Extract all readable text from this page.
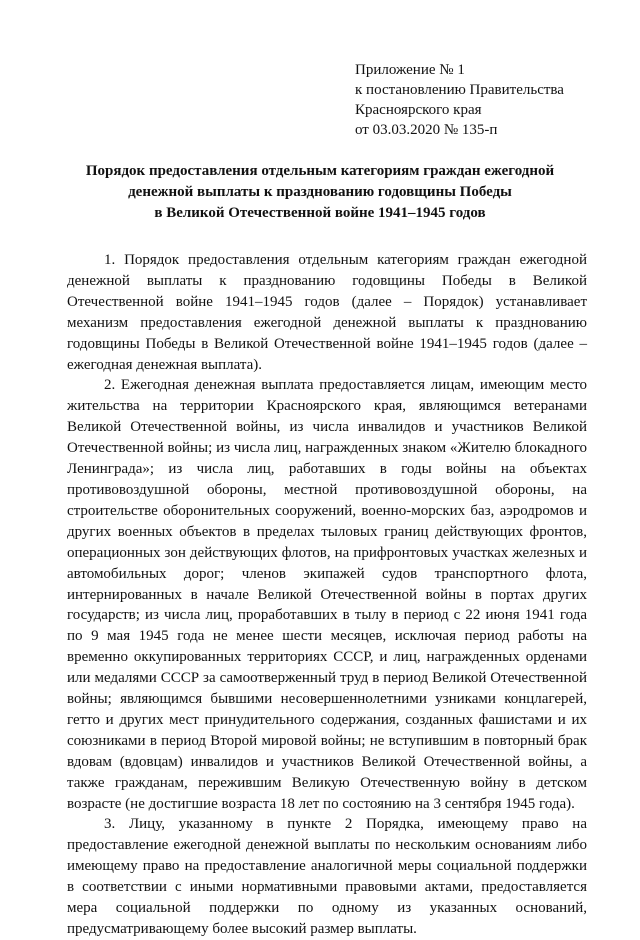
Приложение № 1
к постановлению Правительства
Красноярского края
от 03.03.2020 № 135-п
Порядок предоставления отдельным категориям граждан ежегодной
денежной выплаты к празднованию годовщины Победы
в Великой Отечественной войне 1941–1945 годов

1. Порядок предоставления отдельным категориям граждан ежегодной денежной выплаты к празднованию годовщины Победы в Великой Отечественной войне 1941–1945 годов (далее – Порядок) устанавливает механизм предоставления ежегодной денежной выплаты к празднованию годовщины Победы в Великой Отечественной войне 1941–1945 годов (далее – ежегодная денежная выплата).

2. Ежегодная денежная выплата предоставляется лицам, имеющим место жительства на территории Красноярского края, являющимся ветеранами Великой Отечественной войны, из числа инвалидов и участников Великой Отечественной войны; из числа лиц, награжденных знаком «Жителю блокадного Ленинграда»; из числа лиц, работавших в годы войны на объектах противовоздушной обороны, местной противовоздушной обороны, на строительстве оборонительных сооружений, военно-морских баз, аэродромов и других военных объектов в пределах тыловых границ действующих фронтов, операционных зон действующих флотов, на прифронтовых участках железных и автомобильных дорог; членов экипажей судов транспортного флота, интернированных в начале Великой Отечественной войны в портах других государств; из числа лиц, проработавших в тылу в период с 22 июня 1941 года по 9 мая 1945 года не менее шести месяцев, исключая период работы на временно оккупированных территориях СССР, и лиц, награжденных орденами или медалями СССР за самоотверженный труд в период Великой Отечественной войны; являющимся бывшими несовершеннолетними узниками концлагерей, гетто и других мест принудительного содержания, созданных фашистами и их союзниками в период Второй мировой войны; не вступившим в повторный брак вдовам (вдовцам) инвалидов и участников Великой Отечественной войны, а также гражданам, пережившим Великую Отечественную войну в детском возрасте (не достигшие возраста 18 лет по состоянию на 3 сентября 1945 года).

3. Лицу, указанному в пункте 2 Порядка, имеющему право на предоставление ежегодной денежной выплаты по нескольким основаниям либо имеющему право на предоставление аналогичной меры социальной поддержки в соответствии с иными нормативными правовыми актами, предоставляется мера социальной поддержки по одному из указанных оснований, предусматривающему более высокий размер выплаты.
